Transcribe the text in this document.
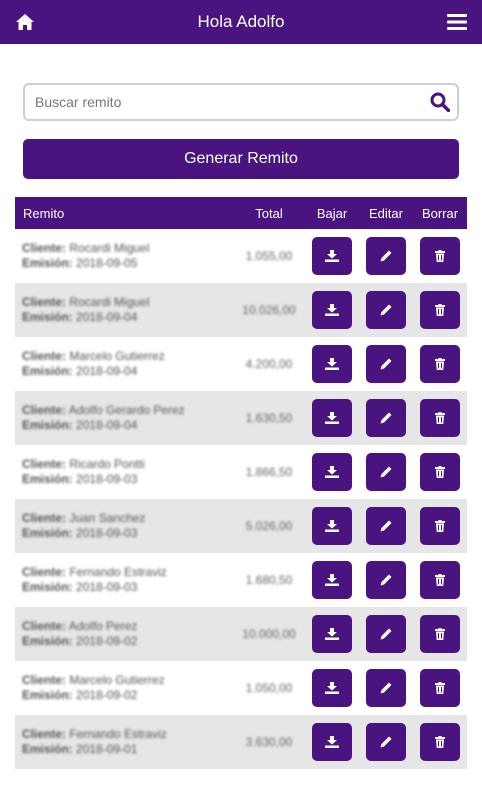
Hola Adolfo
Buscar remito
Generar Remito
Remito	Total	Bajar	Editar	Borrar
Cliente: Rocardi Miguel
Emisión: 2018-09-05	1.055,00
Cliente: Rocardi Miguel
Emisión: 2018-09-04	10.026,00
Cliente: Marcelo Gutierrez
Emisión: 2018-09-04	4.200,00
Cliente: Adolfo Gerardo Perez
Emisión: 2018-09-04	1.630,50
Cliente: Ricardo Pontti
Emisión: 2018-09-03	1.866,50
Cliente: Juan Sanchez
Emisión: 2018-09-03	5.026,00
Cliente: Fernando Estraviz
Emisión: 2018-09-03	1.680,50
Cliente: Adolfo Perez
Emisión: 2018-09-02	10.000,00
Cliente: Marcelo Gutierrez
Emisión: 2018-09-02	1.050,00
Cliente: Fernando Estraviz
Emisión: 2018-09-01	3.630,00
